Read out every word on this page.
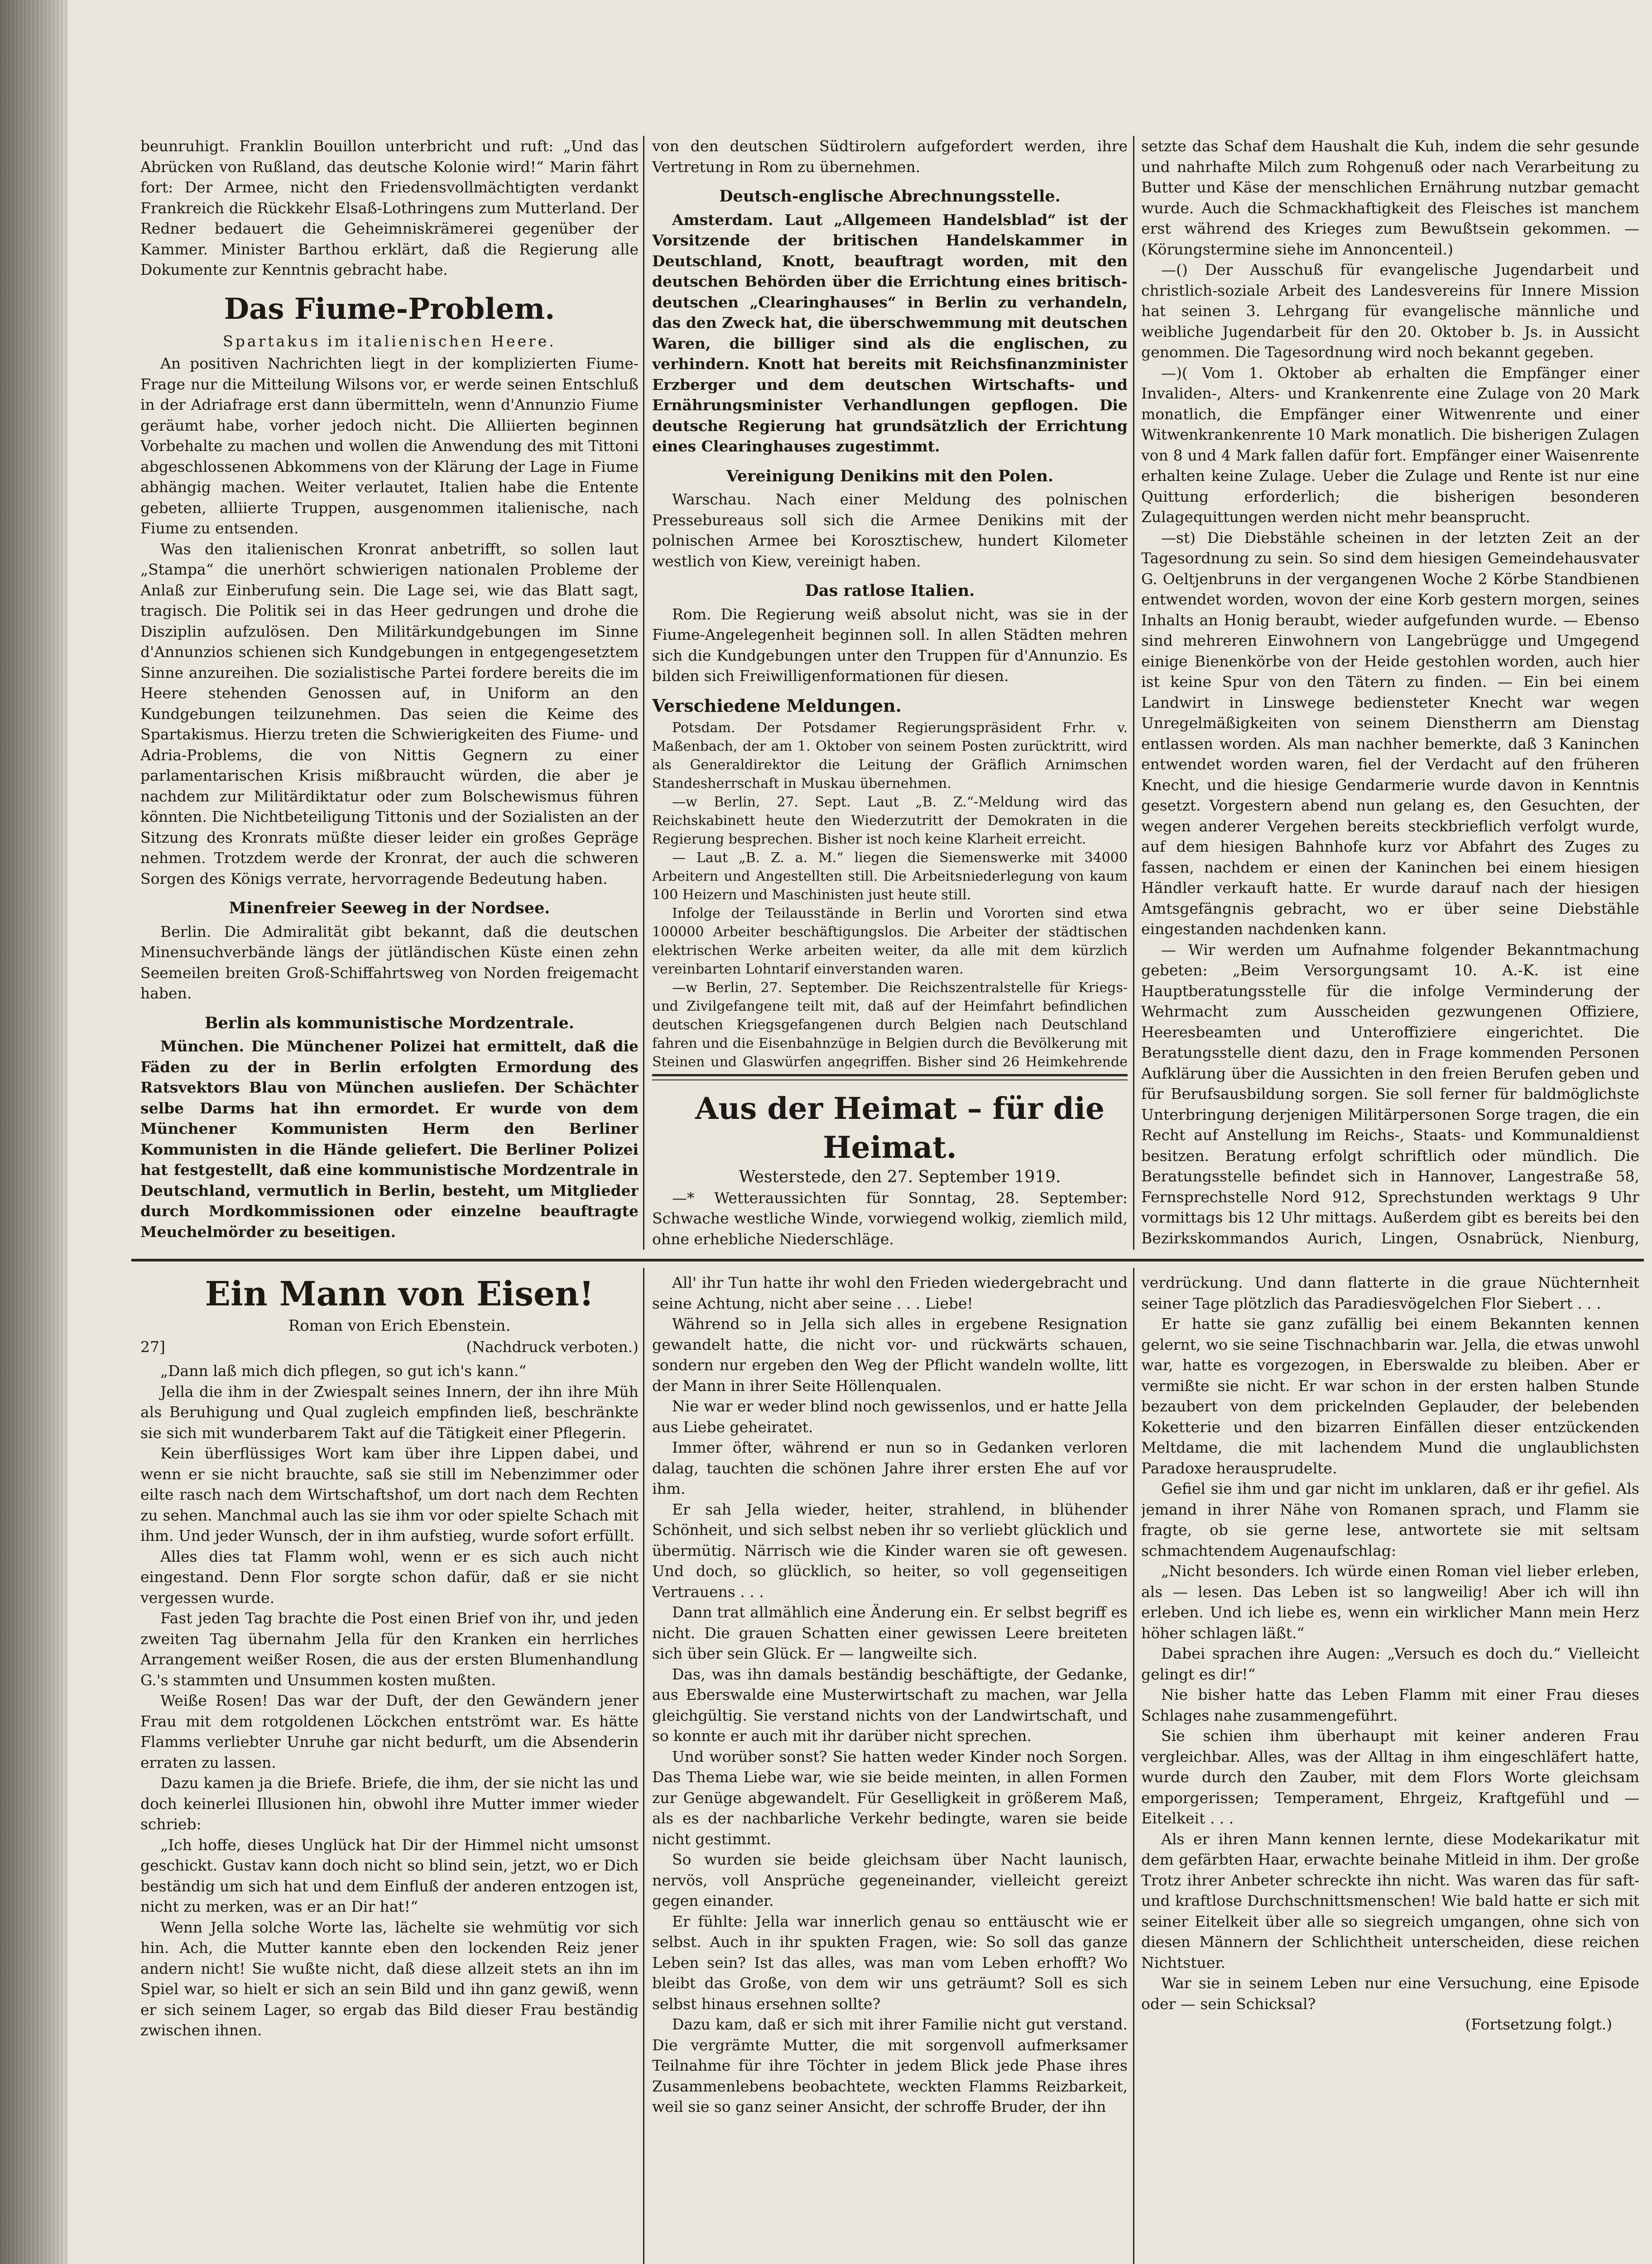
beunruhigt. Franklin Bouillon unterbricht und ruft: „Und das Abrücken von Rußland, das deutsche Kolonie wird!“ Marin fährt fort: Der Armee, nicht den Friedensvollmächtigten verdankt Frankreich die Rückkehr Elsaß-Lothringens zum Mutterland. Der Redner bedauert die Geheimniskrämerei gegenüber der Kammer. Minister Barthou erklärt, daß die Regierung alle Dokumente zur Kenntnis gebracht habe.

Das Fiume-Problem.

Spartakus im italienischen Heere.

An positiven Nachrichten liegt in der komplizierten Fiume-Frage nur die Mitteilung Wilsons vor, er werde seinen Entschluß in der Adriafrage erst dann übermitteln, wenn d'Annunzio Fiume geräumt habe, vorher jedoch nicht. Die Alliierten beginnen Vorbehalte zu machen und wollen die Anwendung des mit Tittoni abgeschlossenen Abkommens von der Klärung der Lage in Fiume abhängig machen. Weiter verlautet, Italien habe die Entente gebeten, alliierte Truppen, ausgenommen italienische, nach Fiume zu entsenden.

Was den italienischen Kronrat anbetrifft, so sollen laut „Stampa“ die unerhört schwierigen nationalen Probleme der Anlaß zur Einberufung sein. Die Lage sei, wie das Blatt sagt, tragisch. Die Politik sei in das Heer gedrungen und drohe die Disziplin aufzulösen. Den Militärkundgebungen im Sinne d'Annunzios schienen sich Kundgebungen in entgegengesetztem Sinne anzureihen. Die sozialistische Partei fordere bereits die im Heere stehenden Genossen auf, in Uniform an den Kundgebungen teilzunehmen. Das seien die Keime des Spartakismus. Hierzu treten die Schwierigkeiten des Fiume- und Adria-Problems, die von Nittis Gegnern zu einer parlamentarischen Krisis mißbraucht würden, die aber je nachdem zur Militärdiktatur oder zum Bolschewismus führen könnten. Die Nichtbeteiligung Tittonis und der Sozialisten an der Sitzung des Kronrats müßte dieser leider ein großes Gepräge nehmen. Trotzdem werde der Kronrat, der auch die schweren Sorgen des Königs verrate, hervorragende Bedeutung haben.

Minenfreier Seeweg in der Nordsee.

Berlin. Die Admiralität gibt bekannt, daß die deutschen Minensuchverbände längs der jütländischen Küste einen zehn Seemeilen breiten Groß-Schiffahrtsweg von Norden freigemacht haben.

Berlin als kommunistische Mordzentrale.

München. Die Münchener Polizei hat ermittelt, daß die Fäden zu der in Berlin erfolgten Ermordung des Ratsvektors Blau von München ausliefen. Der Schächter selbe Darms hat ihn ermordet. Er wurde von dem Münchener Kommunisten Herm den Berliner Kommunisten in die Hände geliefert. Die Berliner Polizei hat festgestellt, daß eine kommunistische Mordzentrale in Deutschland, vermutlich in Berlin, besteht, um Mitglieder durch Mordkommissionen oder einzelne beauftragte Meuchelmörder zu beseitigen.

von den deutschen Südtirolern aufgefordert werden, ihre Vertretung in Rom zu übernehmen.

Deutsch-englische Abrechnungsstelle.

Amsterdam. Laut „Allgemeen Handelsblad“ ist der Vorsitzende der britischen Handelskammer in Deutschland, Knott, beauftragt worden, mit den deutschen Behörden über die Errichtung eines britisch-deutschen „Clearinghauses“ in Berlin zu verhandeln, das den Zweck hat, die überschwemmung mit deutschen Waren, die billiger sind als die englischen, zu verhindern. Knott hat bereits mit Reichsfinanzminister Erzberger und dem deutschen Wirtschafts- und Ernährungsminister Verhandlungen gepflogen. Die deutsche Regierung hat grundsätzlich der Errichtung eines Clearinghauses zugestimmt.

Vereinigung Denikins mit den Polen.

Warschau. Nach einer Meldung des polnischen Pressebureaus soll sich die Armee Denikins mit der polnischen Armee bei Korosztischew, hundert Kilometer westlich von Kiew, vereinigt haben.

Das ratlose Italien.

Rom. Die Regierung weiß absolut nicht, was sie in der Fiume-Angelegenheit beginnen soll. In allen Städten mehren sich die Kundgebungen unter den Truppen für d'Annunzio. Es bilden sich Freiwilligenformationen für diesen.

Verschiedene Meldungen.

Potsdam. Der Potsdamer Regierungspräsident Frhr. v. Maßenbach, der am 1. Oktober von seinem Posten zurücktritt, wird als Generaldirektor die Leitung der Gräflich Arnimschen Standesherrschaft in Muskau übernehmen.

—w Berlin, 27. Sept. Laut „B. Z.“-Meldung wird das Reichskabinett heute den Wiederzutritt der Demokraten in die Regierung besprechen. Bisher ist noch keine Klarheit erreicht.

— Laut „B. Z. a. M.“ liegen die Siemenswerke mit 34000 Arbeitern und Angestellten still. Die Arbeitsniederlegung von kaum 100 Heizern und Maschinisten just heute still.

Infolge der Teilausstände in Berlin und Vororten sind etwa 100000 Arbeiter beschäftigungslos. Die Arbeiter der städtischen elektrischen Werke arbeiten weiter, da alle mit dem kürzlich vereinbarten Lohntarif einverstanden waren.

—w Berlin, 27. September. Die Reichszentralstelle für Kriegs- und Zivilgefangene teilt mit, daß auf der Heimfahrt befindlichen deutschen Kriegsgefangenen durch Belgien nach Deutschland fahren und die Eisenbahnzüge in Belgien durch die Bevölkerung mit Steinen und Glaswürfen angegriffen. Bisher sind 26 Heimkehrende

Aus der Heimat – für die Heimat.

Westerstede, den 27. September 1919.

—* Wetteraussichten für Sonntag, 28. September: Schwache westliche Winde, vorwiegend wolkig, ziemlich mild, ohne erhebliche Niederschläge.

setzte das Schaf dem Haushalt die Kuh, indem die sehr gesunde und nahrhafte Milch zum Rohgenuß oder nach Verarbeitung zu Butter und Käse der menschlichen Ernährung nutzbar gemacht wurde. Auch die Schmackhaftigkeit des Fleisches ist manchem erst während des Krieges zum Bewußtsein gekommen. — (Körungstermine siehe im Annoncenteil.)

—() Der Ausschuß für evangelische Jugendarbeit und christlich-soziale Arbeit des Landesvereins für Innere Mission hat seinen 3. Lehrgang für evangelische männliche und weibliche Jugendarbeit für den 20. Oktober b. Js. in Aussicht genommen. Die Tagesordnung wird noch bekannt gegeben.

—)( Vom 1. Oktober ab erhalten die Empfänger einer Invaliden-, Alters- und Krankenrente eine Zulage von 20 Mark monatlich, die Empfänger einer Witwenrente und einer Witwenkrankenrente 10 Mark monatlich. Die bisherigen Zulagen von 8 und 4 Mark fallen dafür fort. Empfänger einer Waisenrente erhalten keine Zulage. Ueber die Zulage und Rente ist nur eine Quittung erforderlich; die bisherigen besonderen Zulagequittungen werden nicht mehr beansprucht.

—st) Die Diebstähle scheinen in der letzten Zeit an der Tagesordnung zu sein. So sind dem hiesigen Gemeindehausvater G. Oeltjenbruns in der vergangenen Woche 2 Körbe Standbienen entwendet worden, wovon der eine Korb gestern morgen, seines Inhalts an Honig beraubt, wieder aufgefunden wurde. — Ebenso sind mehreren Einwohnern von Langebrügge und Umgegend einige Bienenkörbe von der Heide gestohlen worden, auch hier ist keine Spur von den Tätern zu finden. — Ein bei einem Landwirt in Linswege bediensteter Knecht war wegen Unregelmäßigkeiten von seinem Dienstherrn am Dienstag entlassen worden. Als man nachher bemerkte, daß 3 Kaninchen entwendet worden waren, fiel der Verdacht auf den früheren Knecht, und die hiesige Gendarmerie wurde davon in Kenntnis gesetzt. Vorgestern abend nun gelang es, den Gesuchten, der wegen anderer Vergehen bereits steckbrieflich verfolgt wurde, auf dem hiesigen Bahnhofe kurz vor Abfahrt des Zuges zu fassen, nachdem er einen der Kaninchen bei einem hiesigen Händler verkauft hatte. Er wurde darauf nach der hiesigen Amtsgefängnis gebracht, wo er über seine Diebstähle eingestanden nachdenken kann.

— Wir werden um Aufnahme folgender Bekanntmachung gebeten: „Beim Versorgungsamt 10. A.-K. ist eine Hauptberatungsstelle für die infolge Verminderung der Wehrmacht zum Ausscheiden gezwungenen Offiziere, Heeresbeamten und Unteroffiziere eingerichtet. Die Beratungsstelle dient dazu, den in Frage kommenden Personen Aufklärung über die Aussichten in den freien Berufen geben und für Berufsausbildung sorgen. Sie soll ferner für baldmöglichste Unterbringung derjenigen Militärpersonen Sorge tragen, die ein Recht auf Anstellung im Reichs-, Staats- und Kommunaldienst besitzen. Beratung erfolgt schriftlich oder mündlich. Die Beratungsstelle befindet sich in Hannover, Langestraße 58, Fernsprechstelle Nord 912, Sprechstunden werktags 9 Uhr vormittags bis 12 Uhr mittags. Außerdem gibt es bereits bei den Bezirkskommandos Aurich, Lingen, Osnabrück, Nienburg,

Ein Mann von Eisen!

Roman von Erich Ebenstein.

27]	(Nachdruck verboten.)

„Dann laß mich dich pflegen, so gut ich's kann.“

Jella die ihm in der Zwiespalt seines Innern, der ihn ihre Müh als Beruhigung und Qual zugleich empfinden ließ, beschränkte sie sich mit wunderbarem Takt auf die Tätigkeit einer Pflegerin.

Kein überflüssiges Wort kam über ihre Lippen dabei, und wenn er sie nicht brauchte, saß sie still im Nebenzimmer oder eilte rasch nach dem Wirtschaftshof, um dort nach dem Rechten zu sehen. Manchmal auch las sie ihm vor oder spielte Schach mit ihm. Und jeder Wunsch, der in ihm aufstieg, wurde sofort erfüllt.

Alles dies tat Flamm wohl, wenn er es sich auch nicht eingestand. Denn Flor sorgte schon dafür, daß er sie nicht vergessen wurde.

Fast jeden Tag brachte die Post einen Brief von ihr, und jeden zweiten Tag übernahm Jella für den Kranken ein herrliches Arrangement weißer Rosen, die aus der ersten Blumenhandlung G.'s stammten und Unsummen kosten mußten.

Weiße Rosen! Das war der Duft, der den Gewändern jener Frau mit dem rotgoldenen Löckchen entströmt war. Es hätte Flamms verliebter Unruhe gar nicht bedurft, um die Absenderin erraten zu lassen.

Dazu kamen ja die Briefe. Briefe, die ihm, der sie nicht las und doch keinerlei Illusionen hin, obwohl ihre Mutter immer wieder schrieb:

„Ich hoffe, dieses Unglück hat Dir der Himmel nicht umsonst geschickt. Gustav kann doch nicht so blind sein, jetzt, wo er Dich beständig um sich hat und dem Einfluß der anderen entzogen ist, nicht zu merken, was er an Dir hat!“

Wenn Jella solche Worte las, lächelte sie wehmütig vor sich hin. Ach, die Mutter kannte eben den lockenden Reiz jener andern nicht! Sie wußte nicht, daß diese allzeit stets an ihn im Spiel war, so hielt er sich an sein Bild und ihn ganz gewiß, wenn er sich seinem Lager, so ergab das Bild dieser Frau beständig zwischen ihnen.

All' ihr Tun hatte ihr wohl den Frieden wiedergebracht und seine Achtung, nicht aber seine . . . Liebe!

Während so in Jella sich alles in ergebene Resignation gewandelt hatte, die nicht vor- und rückwärts schauen, sondern nur ergeben den Weg der Pflicht wandeln wollte, litt der Mann in ihrer Seite Höllenqualen.

Nie war er weder blind noch gewissenlos, und er hatte Jella aus Liebe geheiratet.

Immer öfter, während er nun so in Gedanken verloren dalag, tauchten die schönen Jahre ihrer ersten Ehe auf vor ihm.

Er sah Jella wieder, heiter, strahlend, in blühender Schönheit, und sich selbst neben ihr so verliebt glücklich und übermütig. Närrisch wie die Kinder waren sie oft gewesen. Und doch, so glücklich, so heiter, so voll gegenseitigen Vertrauens . . .

Dann trat allmählich eine Änderung ein. Er selbst begriff es nicht. Die grauen Schatten einer gewissen Leere breiteten sich über sein Glück. Er — langweilte sich.

Das, was ihn damals beständig beschäftigte, der Gedanke, aus Eberswalde eine Musterwirtschaft zu machen, war Jella gleichgültig. Sie verstand nichts von der Landwirtschaft, und so konnte er auch mit ihr darüber nicht sprechen.

Und worüber sonst? Sie hatten weder Kinder noch Sorgen. Das Thema Liebe war, wie sie beide meinten, in allen Formen zur Genüge abgewandelt. Für Geselligkeit in größerem Maß, als es der nachbarliche Verkehr bedingte, waren sie beide nicht gestimmt.

So wurden sie beide gleichsam über Nacht launisch, nervös, voll Ansprüche gegeneinander, vielleicht gereizt gegen einander.

Er fühlte: Jella war innerlich genau so enttäuscht wie er selbst. Auch in ihr spukten Fragen, wie: So soll das ganze Leben sein? Ist das alles, was man vom Leben erhofft? Wo bleibt das Große, von dem wir uns geträumt? Soll es sich selbst hinaus ersehnen sollte?

Dazu kam, daß er sich mit ihrer Familie nicht gut verstand. Die vergrämte Mutter, die mit sorgenvoll aufmerksamer Teilnahme für ihre Töchter in jedem Blick jede Phase ihres Zusammenlebens beobachtete, weckten Flamms Reizbarkeit, weil sie so ganz seiner Ansicht, der schroffe Bruder, der ihn

verdrückung. Und dann flatterte in die graue Nüchternheit seiner Tage plötzlich das Paradiesvögelchen Flor Siebert . . .

Er hatte sie ganz zufällig bei einem Bekannten kennen gelernt, wo sie seine Tischnachbarin war. Jella, die etwas unwohl war, hatte es vorgezogen, in Eberswalde zu bleiben. Aber er vermißte sie nicht. Er war schon in der ersten halben Stunde bezaubert von dem prickelnden Geplauder, der belebenden Koketterie und den bizarren Einfällen dieser entzückenden Meltdame, die mit lachendem Mund die unglaublichsten Paradoxe herausprudelte.

Gefiel sie ihm und gar nicht im unklaren, daß er ihr gefiel. Als jemand in ihrer Nähe von Romanen sprach, und Flamm sie fragte, ob sie gerne lese, antwortete sie mit seltsam schmachtendem Augenaufschlag:

„Nicht besonders. Ich würde einen Roman viel lieber erleben, als — lesen. Das Leben ist so langweilig! Aber ich will ihn erleben. Und ich liebe es, wenn ein wirklicher Mann mein Herz höher schlagen läßt.“

Dabei sprachen ihre Augen: „Versuch es doch du.“ Vielleicht gelingt es dir!“

Nie bisher hatte das Leben Flamm mit einer Frau dieses Schlages nahe zusammengeführt.

Sie schien ihm überhaupt mit keiner anderen Frau vergleichbar. Alles, was der Alltag in ihm eingeschläfert hatte, wurde durch den Zauber, mit dem Flors Worte gleichsam emporgerissen; Temperament, Ehrgeiz, Kraftgefühl und — Eitelkeit . . .

Als er ihren Mann kennen lernte, diese Modekarikatur mit dem gefärbten Haar, erwachte beinahe Mitleid in ihm. Der große Trotz ihrer Anbeter schreckte ihn nicht. Was waren das für saft- und kraftlose Durchschnittsmenschen! Wie bald hatte er sich mit seiner Eitelkeit über alle so siegreich umgangen, ohne sich von diesen Männern der Schlichtheit unterscheiden, diese reichen Nichtstuer.

War sie in seinem Leben nur eine Versuchung, eine Episode oder — sein Schicksal?

(Fortsetzung folgt.)
